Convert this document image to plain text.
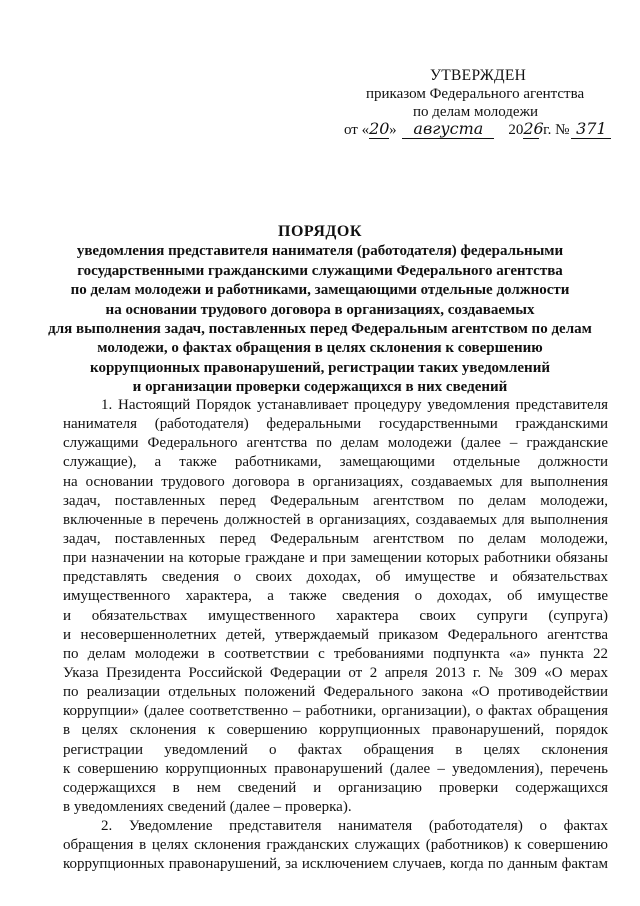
УТВЕРЖДЕН
приказом Федерального агентства
по делам молодежи
от «20» августа 2026 г. № 371
ПОРЯДОК
уведомления представителя нанимателя (работодателя) федеральными
государственными гражданскими служащими Федерального агентства
по делам молодежи и работниками, замещающими отдельные должности
на основании трудового договора в организациях, создаваемых
для выполнения задач, поставленных перед Федеральным агентством по делам
молодежи, о фактах обращения в целях склонения к совершению
коррупционных правонарушений, регистрации таких уведомлений
и организации проверки содержащихся в них сведений
1. Настоящий Порядок устанавливает процедуру уведомления представителя
нанимателя (работодателя) федеральными государственными гражданскими
служащими Федерального агентства по делам молодежи (далее – гражданские
служащие), а также работниками, замещающими отдельные должности
на основании трудового договора в организациях, создаваемых для выполнения
задач, поставленных перед Федеральным агентством по делам молодежи,
включенные в перечень должностей в организациях, создаваемых для выполнения
задач, поставленных перед Федеральным агентством по делам молодежи,
при назначении на которые граждане и при замещении которых работники обязаны
представлять сведения о своих доходах, об имуществе и обязательствах
имущественного характера, а также сведения о доходах, об имуществе
и обязательствах имущественного характера своих супруги (супруга)
и несовершеннолетних детей, утверждаемый приказом Федерального агентства
по делам молодежи в соответствии с требованиями подпункта «а» пункта 22
Указа Президента Российской Федерации от 2 апреля 2013 г. № 309 «О мерах
по реализации отдельных положений Федерального закона «О противодействии
коррупции» (далее соответственно – работники, организации), о фактах обращения
в целях склонения к совершению коррупционных правонарушений, порядок
регистрации уведомлений о фактах обращения в целях склонения
к совершению коррупционных правонарушений (далее – уведомления), перечень
содержащихся в нем сведений и организацию проверки содержащихся
в уведомлениях сведений (далее – проверка).
2. Уведомление представителя нанимателя (работодателя) о фактах
обращения в целях склонения гражданских служащих (работников) к совершению
коррупционных правонарушений, за исключением случаев, когда по данным фактам
